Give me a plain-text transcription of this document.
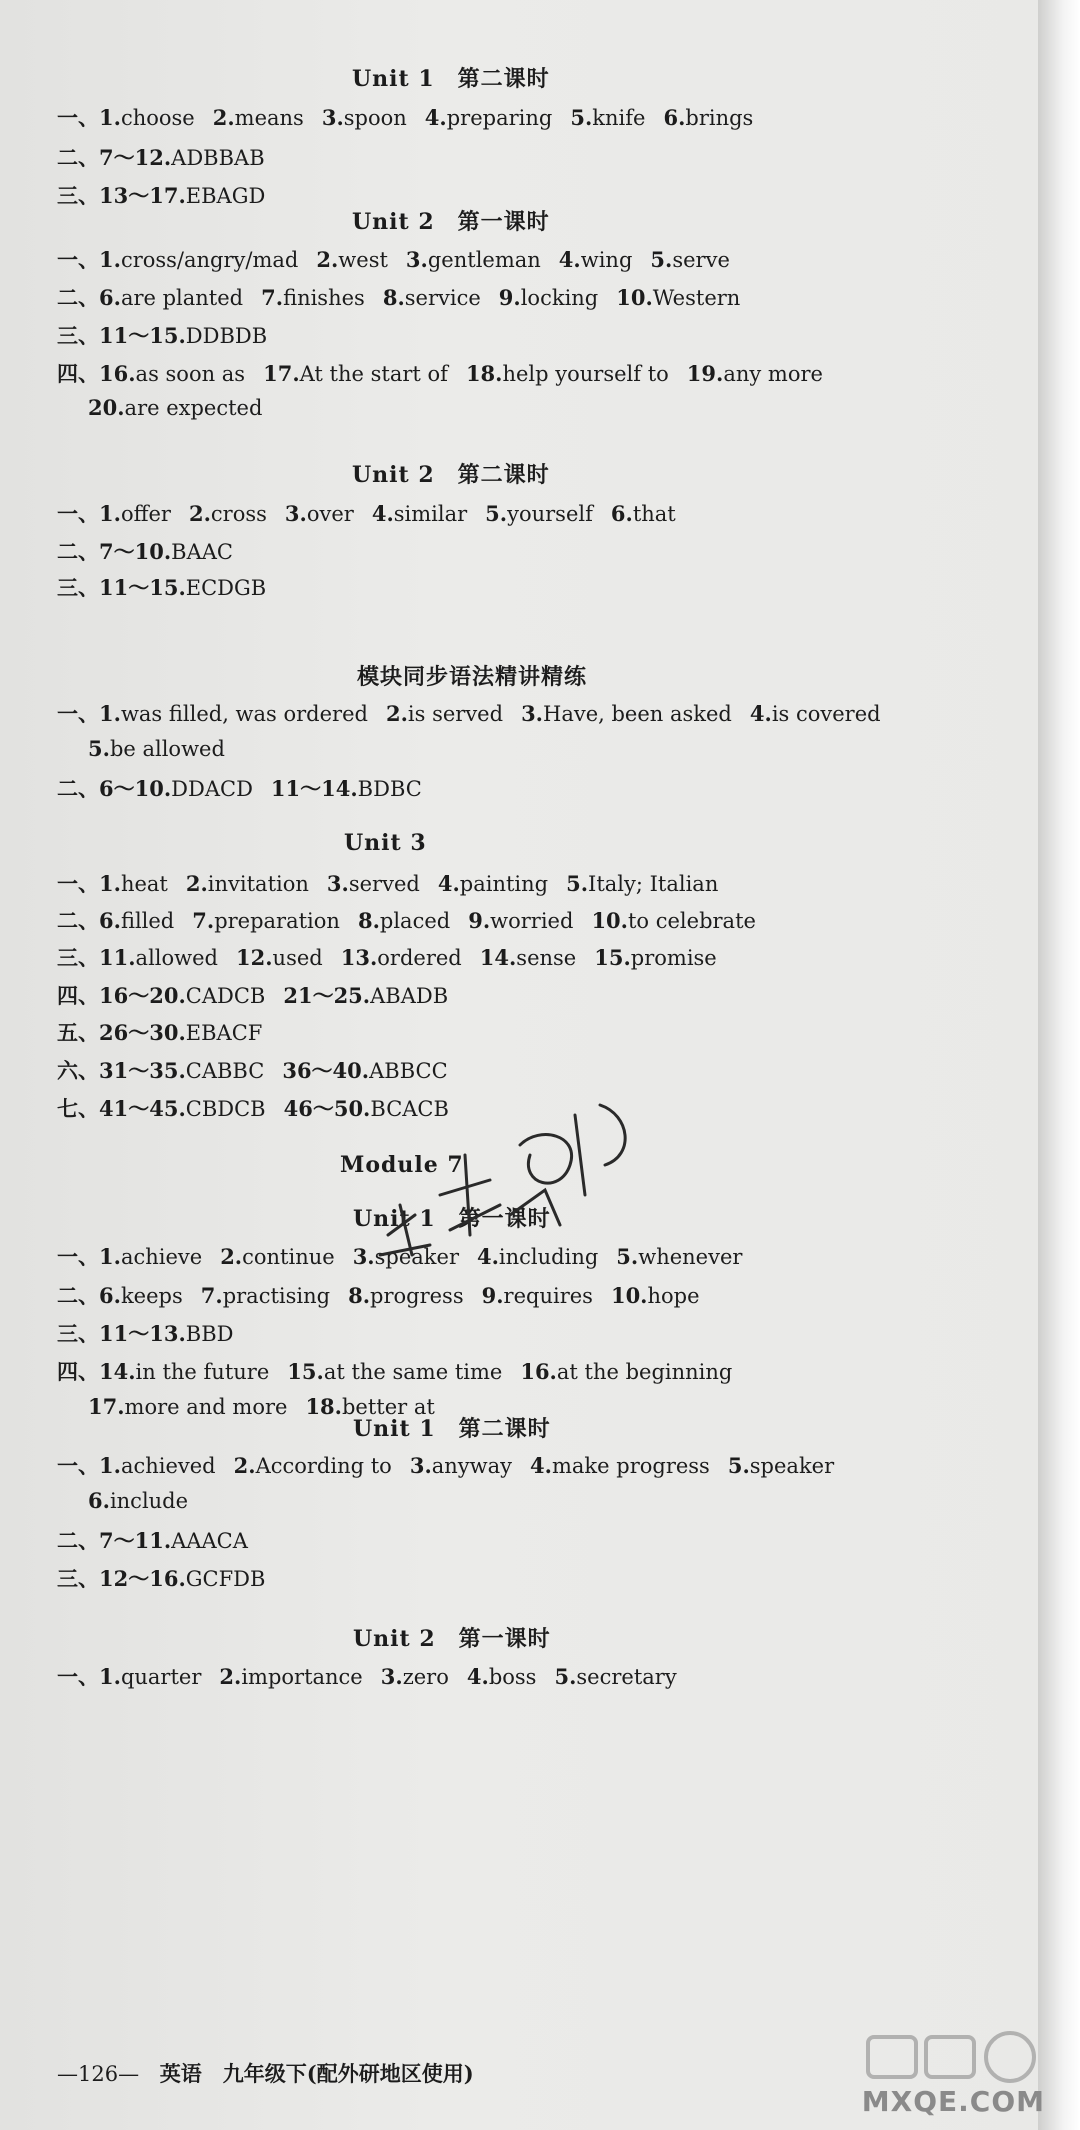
Unit 1　第二课时
一、 1.choose 2.means 3.spoon 4.preparing 5.knife 6.brings
二、 7～12.ADBBAB
三、 13～17.EBAGD
Unit 2　第一课时
一、 1.cross/angry/mad 2.west 3.gentleman 4.wing 5.serve
二、 6.are planted 7.finishes 8.service 9.locking 10.Western
三、 11～15.DDBDB
四、 16.as soon as 17.At the start of 18.help yourself to 19.any more
20.are expected
Unit 2　第二课时
一、 1.offer 2.cross 3.over 4.similar 5.yourself 6.that
二、 7～10.BAAC
三、 11～15.ECDGB
模块同步语法精讲精练
一、 1.was filled, was ordered 2.is served 3.Have, been asked 4.is covered
5.be allowed
二、 6～10.DDACD 11～14.BDBC
Unit 3
一、 1.heat 2.invitation 3.served 4.painting 5.Italy; Italian
二、 6.filled 7.preparation 8.placed 9.worried 10.to celebrate
三、 11.allowed 12.used 13.ordered 14.sense 15.promise
四、 16～20.CADCB 21～25.ABADB
五、 26～30.EBACF
六、 31～35.CABBC 36～40.ABBCC
七、 41～45.CBDCB 46～50.BCACB
Module 7
Unit 1　第一课时
一、 1.achieve 2.continue 3.speaker 4.including 5.whenever
二、 6.keeps 7.practising 8.progress 9.requires 10.hope
三、 11～13.BBD
四、 14.in the future 15.at the same time 16.at the beginning
17.more and more 18.better at
Unit 1　第二课时
一、 1.achieved 2.According to 3.anyway 4.make progress 5.speaker
6.include
二、 7～11.AAACA
三、 12～16.GCFDB
Unit 2　第一课时
一、 1.quarter 2.importance 3.zero 4.boss 5.secretary
—126— 英语　九年级下(配外研地区使用)
MXQE.COM
